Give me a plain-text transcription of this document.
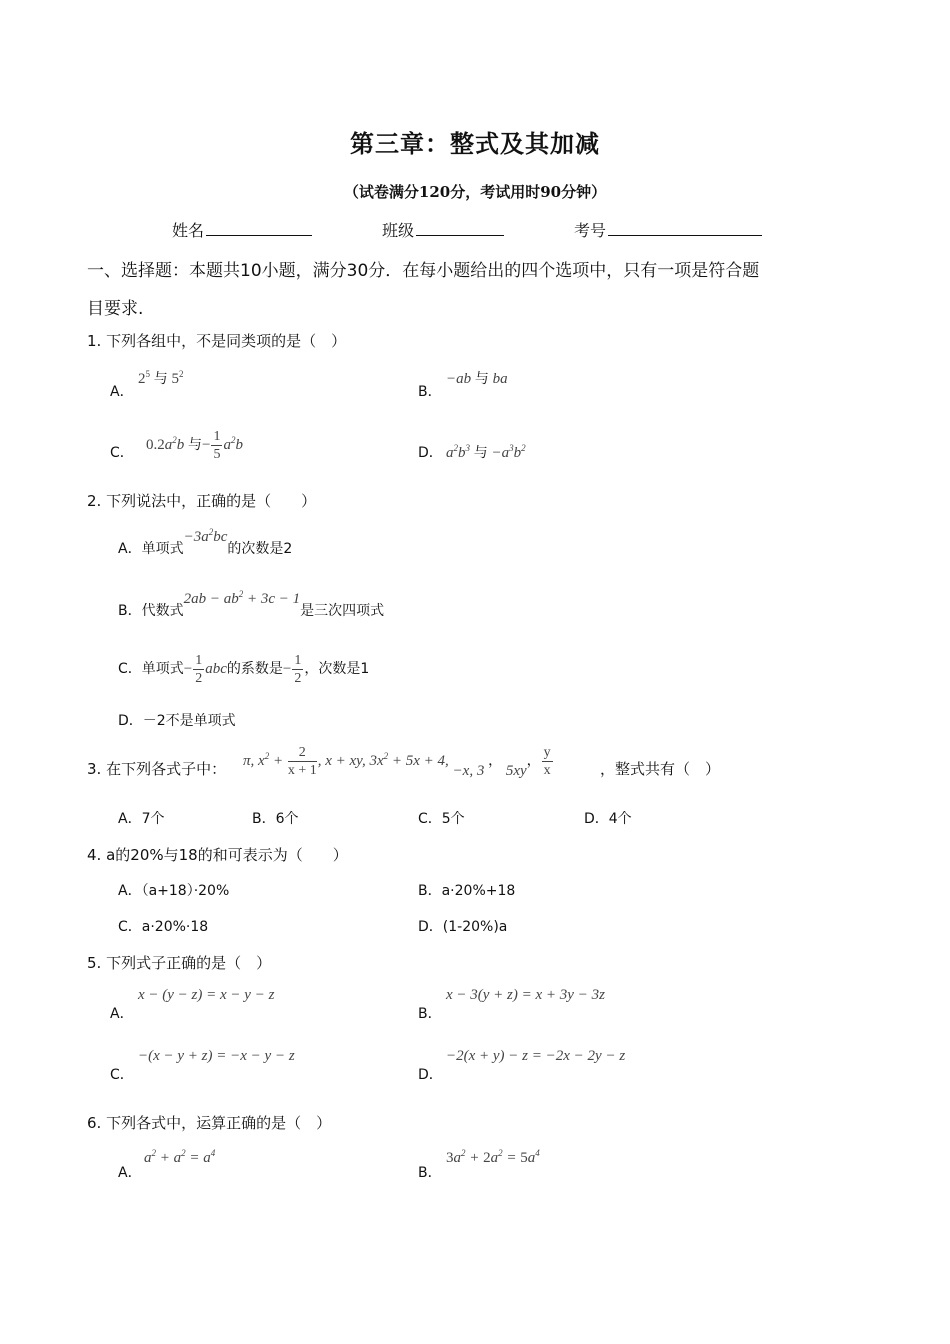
第三章：整式及其加减
（试卷满分120分，考试用时90分钟）
姓名	班级	考号
一、选择题：本题共10小题，满分30分．在每小题给出的四个选项中，只有一项是符合题
目要求.
1. 下列各组中，不是同类项的是（　）
A．
$2^5$ 与 $5^2$
B．
−ab 与 ba
C．
$0.2a^2b$ 与− $\frac{1}{5} a^2b$
D． $a^2b^3$ 与 $-a^3b^2$
2. 下列说法中，正确的是（　　）
A．单项式$-3a^2bc$的次数是2
B．代数式$2ab - ab^2 + 3c - 1$是三次四项式
C．单项式− $\frac{1}{2}$ abc的系数是− $\frac{1}{2}$ ，次数是1
D．－2不是单项式
3. 在下列各式子中： π, $x^2 + \frac{2}{x + 1}$ , x + xy, $3x^2 + 5x + 4$, −x, 3 ， 5xy， $\frac{y}{x}$	，整式共有（　）
A．7个	B．6个	C．5个	D．4个
4. a的20%与18的和可表示为（　　）
A．（a+18）·20%	B．a·20%+18
C．a·20%·18	D．(1-20%)a
5. 下列式子正确的是（　）
A．
x − (y − z) = x − y − z
B．
x − 3(y + z) = x + 3y − 3z
C．
−(x − y + z) = −x − y − z
D．
−2(x + y) − z = −2x − 2y − z
6. 下列各式中，运算正确的是（　）
A．
$a^2 + a^2 = a^4$
B．
$3a^2 + 2a^2 = 5a^4$
